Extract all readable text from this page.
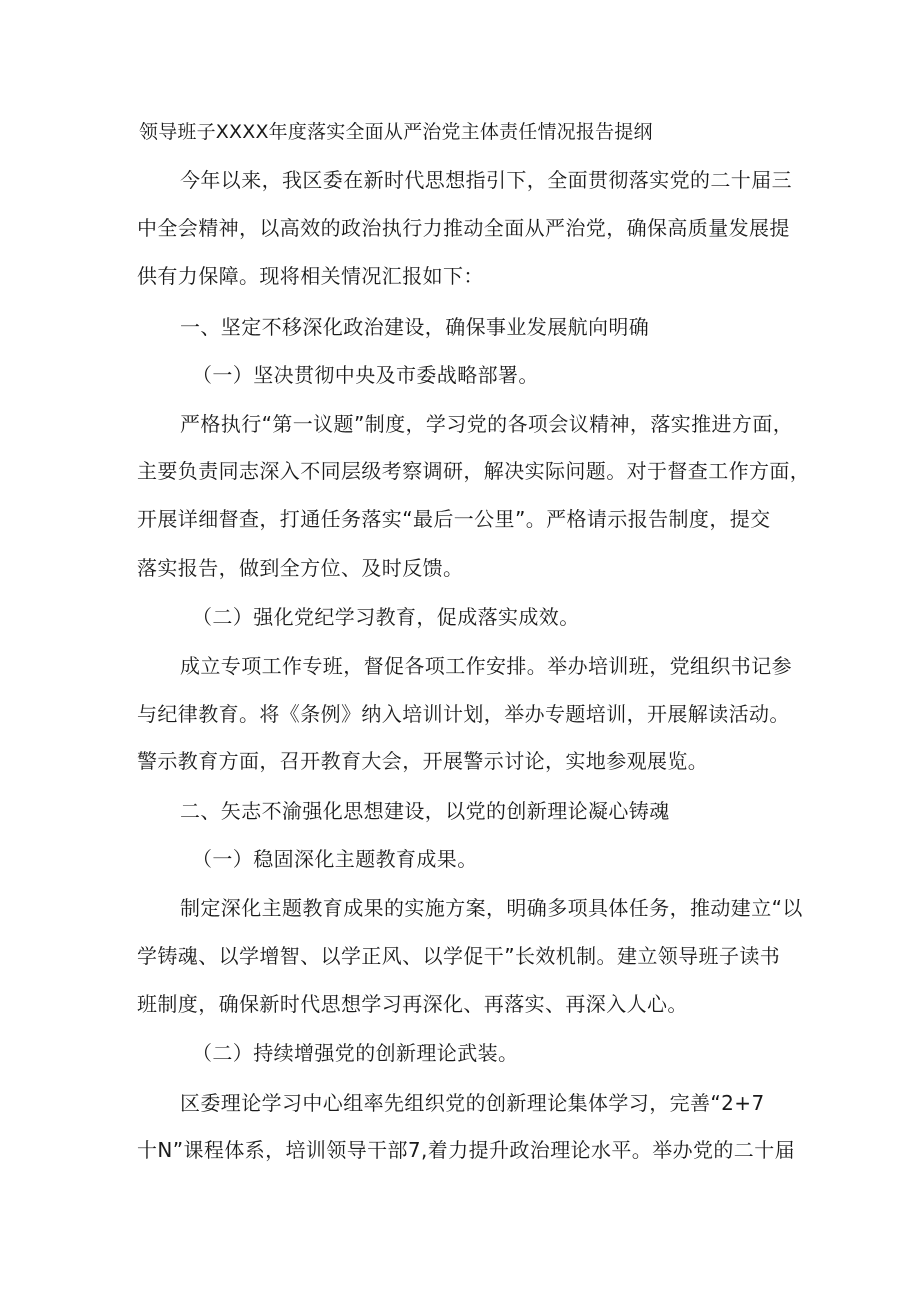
领导班子XXXX年度落实全面从严治党主体责任情况报告提纲
今年以来，我区委在新时代思想指引下，全面贯彻落实党的二十届三
中全会精神，以高效的政治执行力推动全面从严治党，确保高质量发展提
供有力保障。现将相关情况汇报如下：
一、坚定不移深化政治建设，确保事业发展航向明确
（一）坚决贯彻中央及市委战略部署。
严格执行“第一议题”制度，学习党的各项会议精神，落实推进方面，
主要负责同志深入不同层级考察调研，解决实际问题。对于督查工作方面，
开展详细督查，打通任务落实“最后一公里”。严格请示报告制度，提交
落实报告，做到全方位、及时反馈。
（二）强化党纪学习教育，促成落实成效。
成立专项工作专班，督促各项工作安排。举办培训班，党组织书记参
与纪律教育。将《条例》纳入培训计划，举办专题培训，开展解读活动。
警示教育方面，召开教育大会，开展警示讨论，实地参观展览。
二、矢志不渝强化思想建设，以党的创新理论凝心铸魂
（一）稳固深化主题教育成果。
制定深化主题教育成果的实施方案，明确多项具体任务，推动建立“以
学铸魂、以学增智、以学正风、以学促干”长效机制。建立领导班子读书
班制度，确保新时代思想学习再深化、再落实、再深入人心。
（二）持续增强党的创新理论武装。
区委理论学习中心组率先组织党的创新理论集体学习，完善“2+7
十N”课程体系，培训领导干部7,着力提升政治理论水平。举办党的二十届
